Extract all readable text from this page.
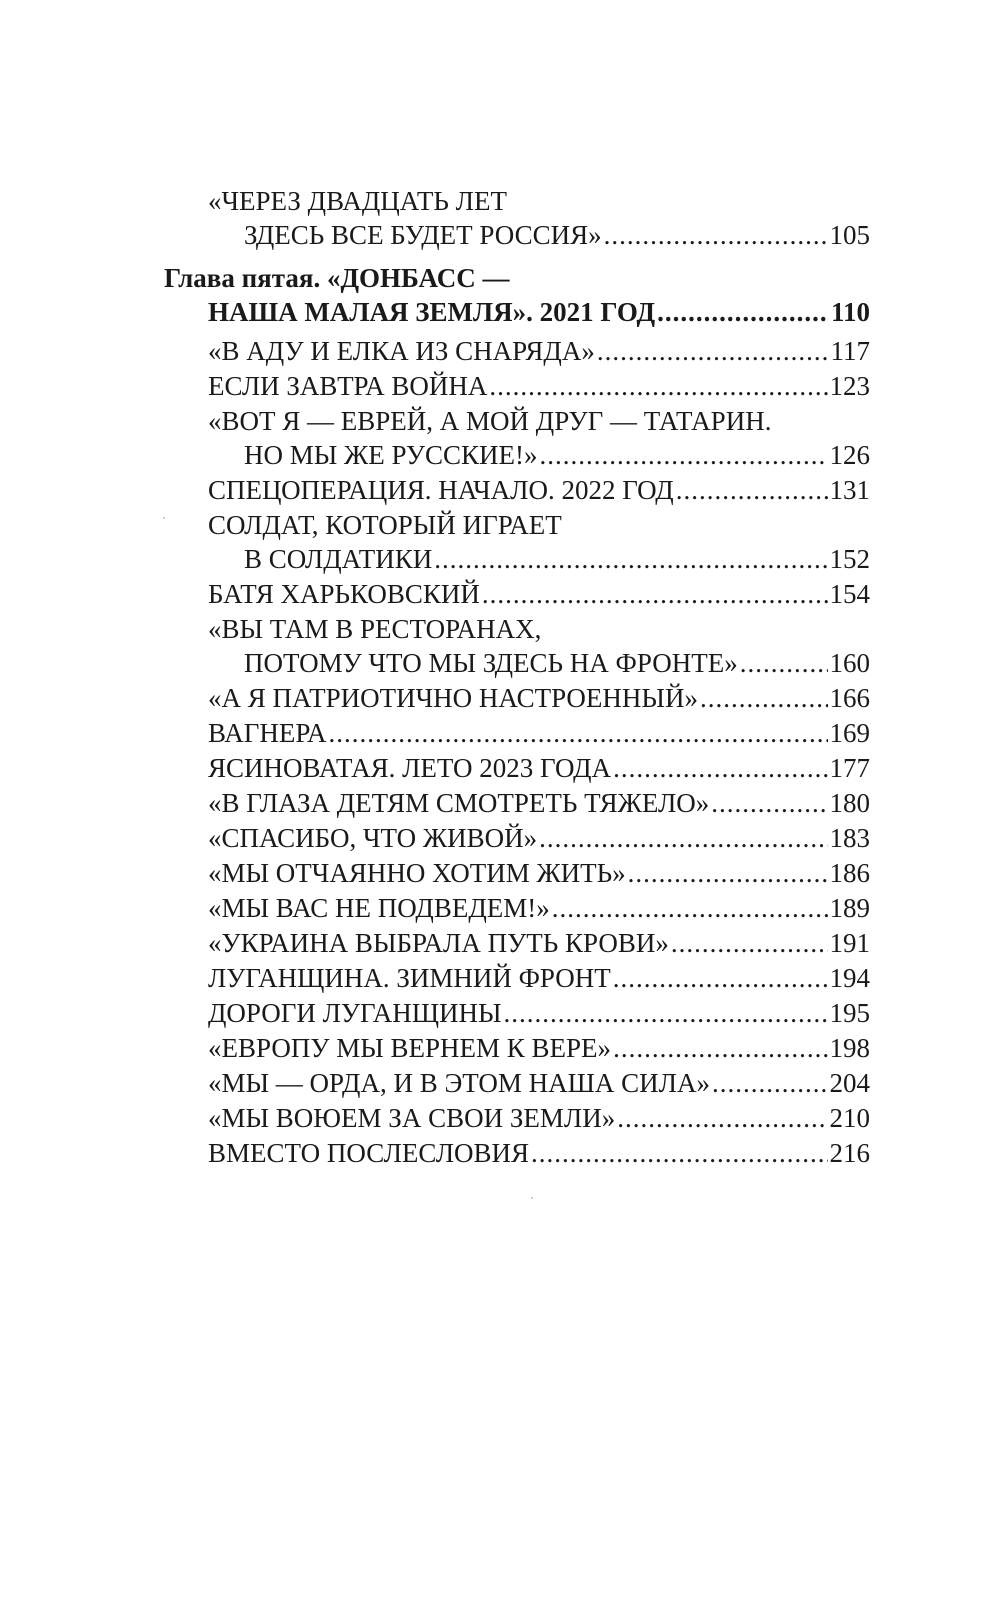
«ЧЕРЕЗ ДВАДЦАТЬ ЛЕТ
ЗДЕСЬ ВСЕ БУДЕТ РОССИЯ» .....	105
Глава пятая. «ДОНБАСС —
НАША МАЛАЯ ЗЕМЛЯ». 2021 ГОД .....	110
«В АДУ И ЕЛКА ИЗ СНАРЯДА» .....	117
ЕСЛИ ЗАВТРА ВОЙНА .....	123
«ВОТ Я — ЕВРЕЙ, А МОЙ ДРУГ — ТАТАРИН.
НО МЫ ЖЕ РУССКИЕ!» .....	126
СПЕЦОПЕРАЦИЯ. НАЧАЛО. 2022 ГОД .....	131
СОЛДАТ, КОТОРЫЙ ИГРАЕТ
В СОЛДАТИКИ .....	152
БАТЯ ХАРЬКОВСКИЙ .....	154
«ВЫ ТАМ В РЕСТОРАНАХ,
ПОТОМУ ЧТО МЫ ЗДЕСЬ НА ФРОНТЕ» .....	160
«А Я ПАТРИОТИЧНО НАСТРОЕННЫЙ» .....	166
ВАГНЕРА .....	169
ЯСИНОВАТАЯ. ЛЕТО 2023 ГОДА .....	177
«В ГЛАЗА ДЕТЯМ СМОТРЕТЬ ТЯЖЕЛО» .....	180
«СПАСИБО, ЧТО ЖИВОЙ» .....	183
«МЫ ОТЧАЯННО ХОТИМ ЖИТЬ» .....	186
«МЫ ВАС НЕ ПОДВЕДЕМ!» .....	189
«УКРАИНА ВЫБРАЛА ПУТЬ КРОВИ» .....	191
ЛУГАНЩИНА. ЗИМНИЙ ФРОНТ .....	194
ДОРОГИ ЛУГАНЩИНЫ .....	195
«ЕВРОПУ МЫ ВЕРНЕМ К ВЕРЕ» .....	198
«МЫ — ОРДА, И В ЭТОМ НАША СИЛА» .....	204
«МЫ ВОЮЕМ ЗА СВОИ ЗЕМЛИ» .....	210
ВМЕСТО ПОСЛЕСЛОВИЯ .....	216
